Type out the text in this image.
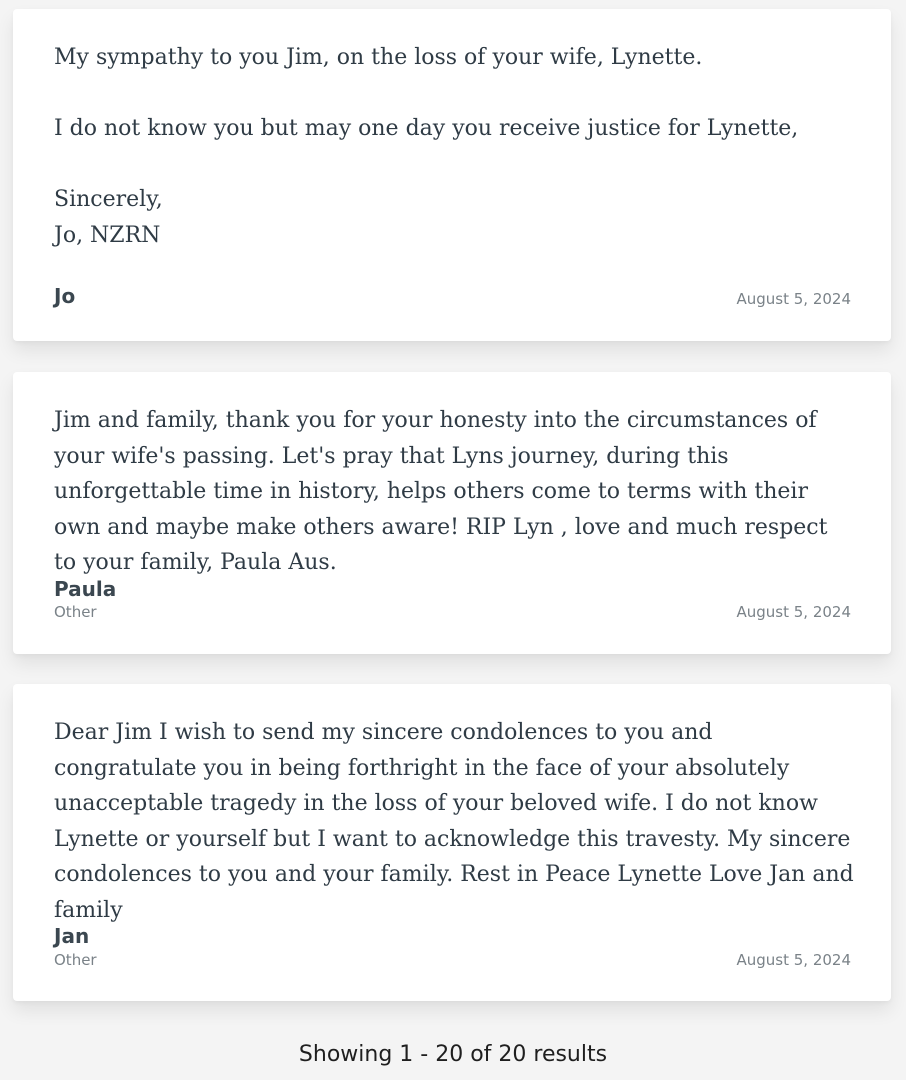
My sympathy to you Jim, on the loss of your wife, Lynette.

I do not know you but may one day you receive justice for Lynette,

Sincerely,
Jo, NZRN

Jo	August 5, 2024

Jim and family, thank you for your honesty into the circumstances of your wife's passing. Let's pray that Lyns journey, during this unforgettable time in history, helps others come to terms with their own and maybe make others aware! RIP Lyn , love and much respect to your family, Paula Aus.

Paula
Other	August 5, 2024

Dear Jim I wish to send my sincere condolences to you and congratulate you in being forthright in the face of your absolutely unacceptable tragedy in the loss of your beloved wife. I do not know Lynette or yourself but I want to acknowledge this travesty. My sincere condolences to you and your family. Rest in Peace Lynette Love Jan and family

Jan
Other	August 5, 2024
Showing 1 - 20 of 20 results
